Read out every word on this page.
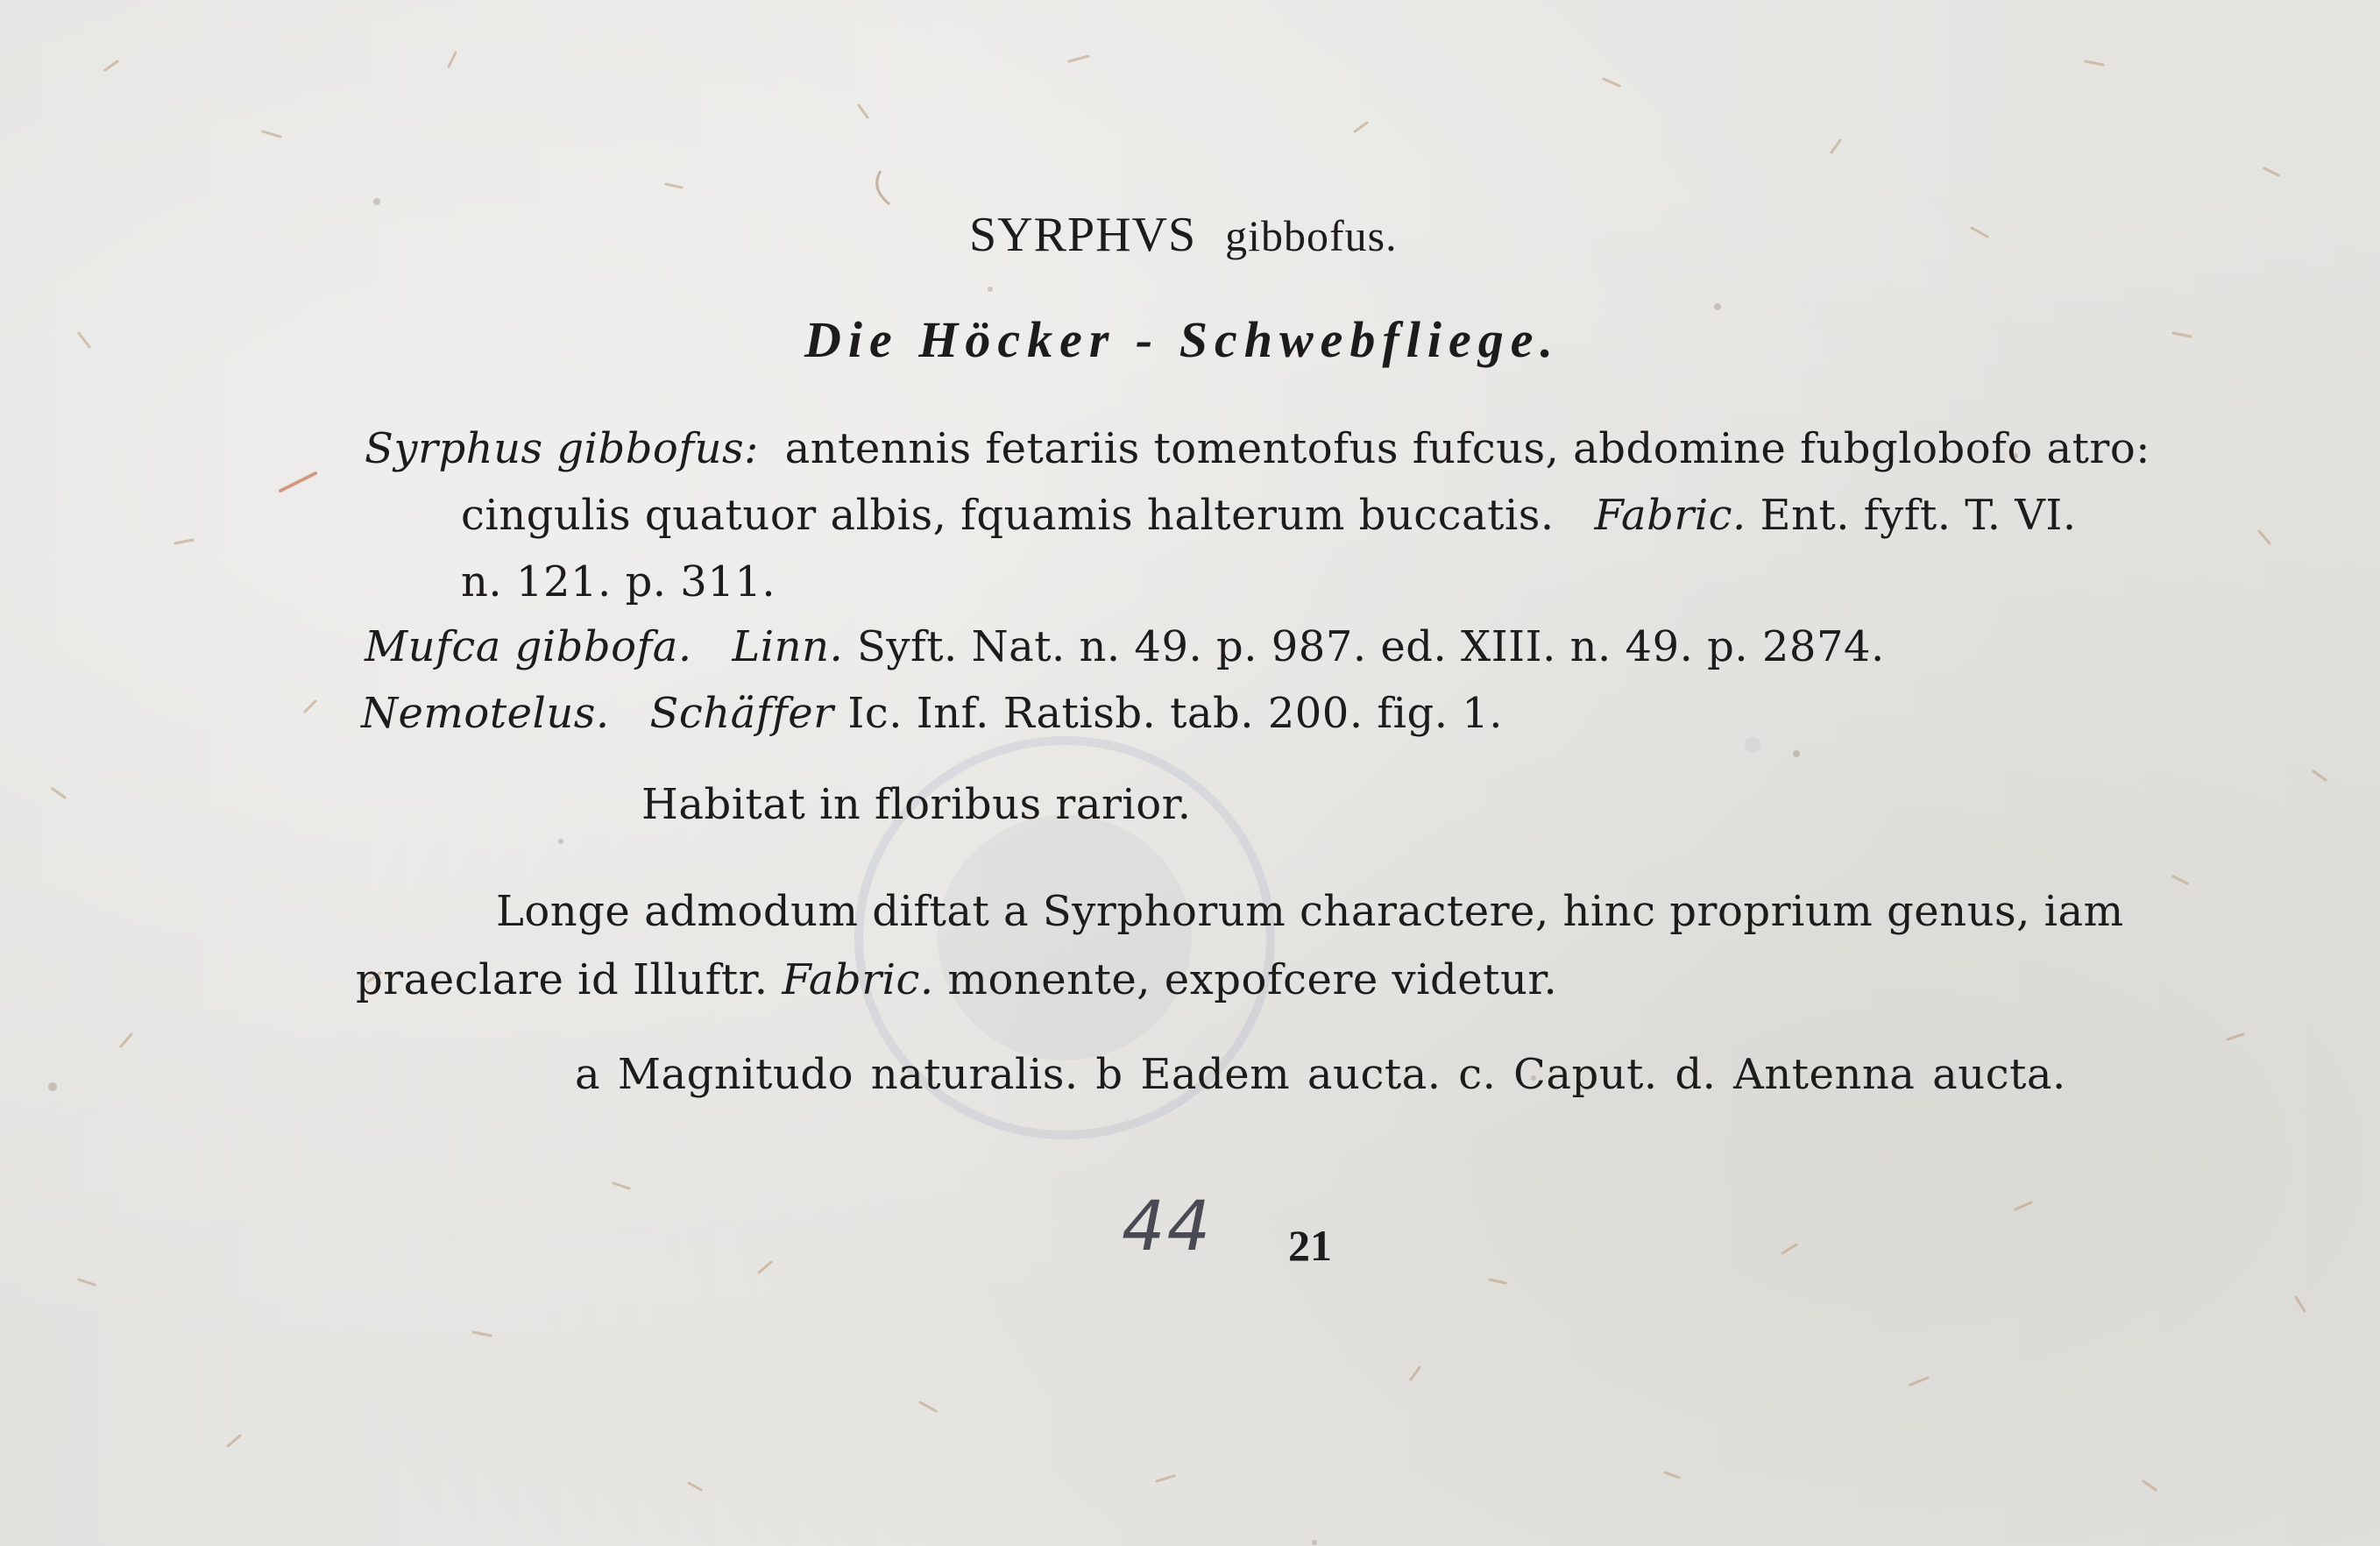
SYRPHVS gibbofus.
Die Höcker - Schwebfliege.
Syrphus gibbofus: antennis fetariis tomentofus fufcus, abdomine fubglobofo atro:
cingulis quatuor albis, fquamis halterum buccatis. Fabric. Ent. fyft. T. VI.
n. 121. p. 311.
Mufca gibbofa. Linn. Syft. Nat. n. 49. p. 987. ed. XIII. n. 49. p. 2874.
Nemotelus. Schäffer Ic. Inf. Ratisb. tab. 200. fig. 1.
Habitat in floribus rarior.
Longe admodum diftat a Syrphorum charactere, hinc proprium genus, iam
praeclare id Illuftr. Fabric. monente, expofcere videtur.
a Magnitudo naturalis. b Eadem aucta. c. Caput. d. Antenna aucta.
44 21
